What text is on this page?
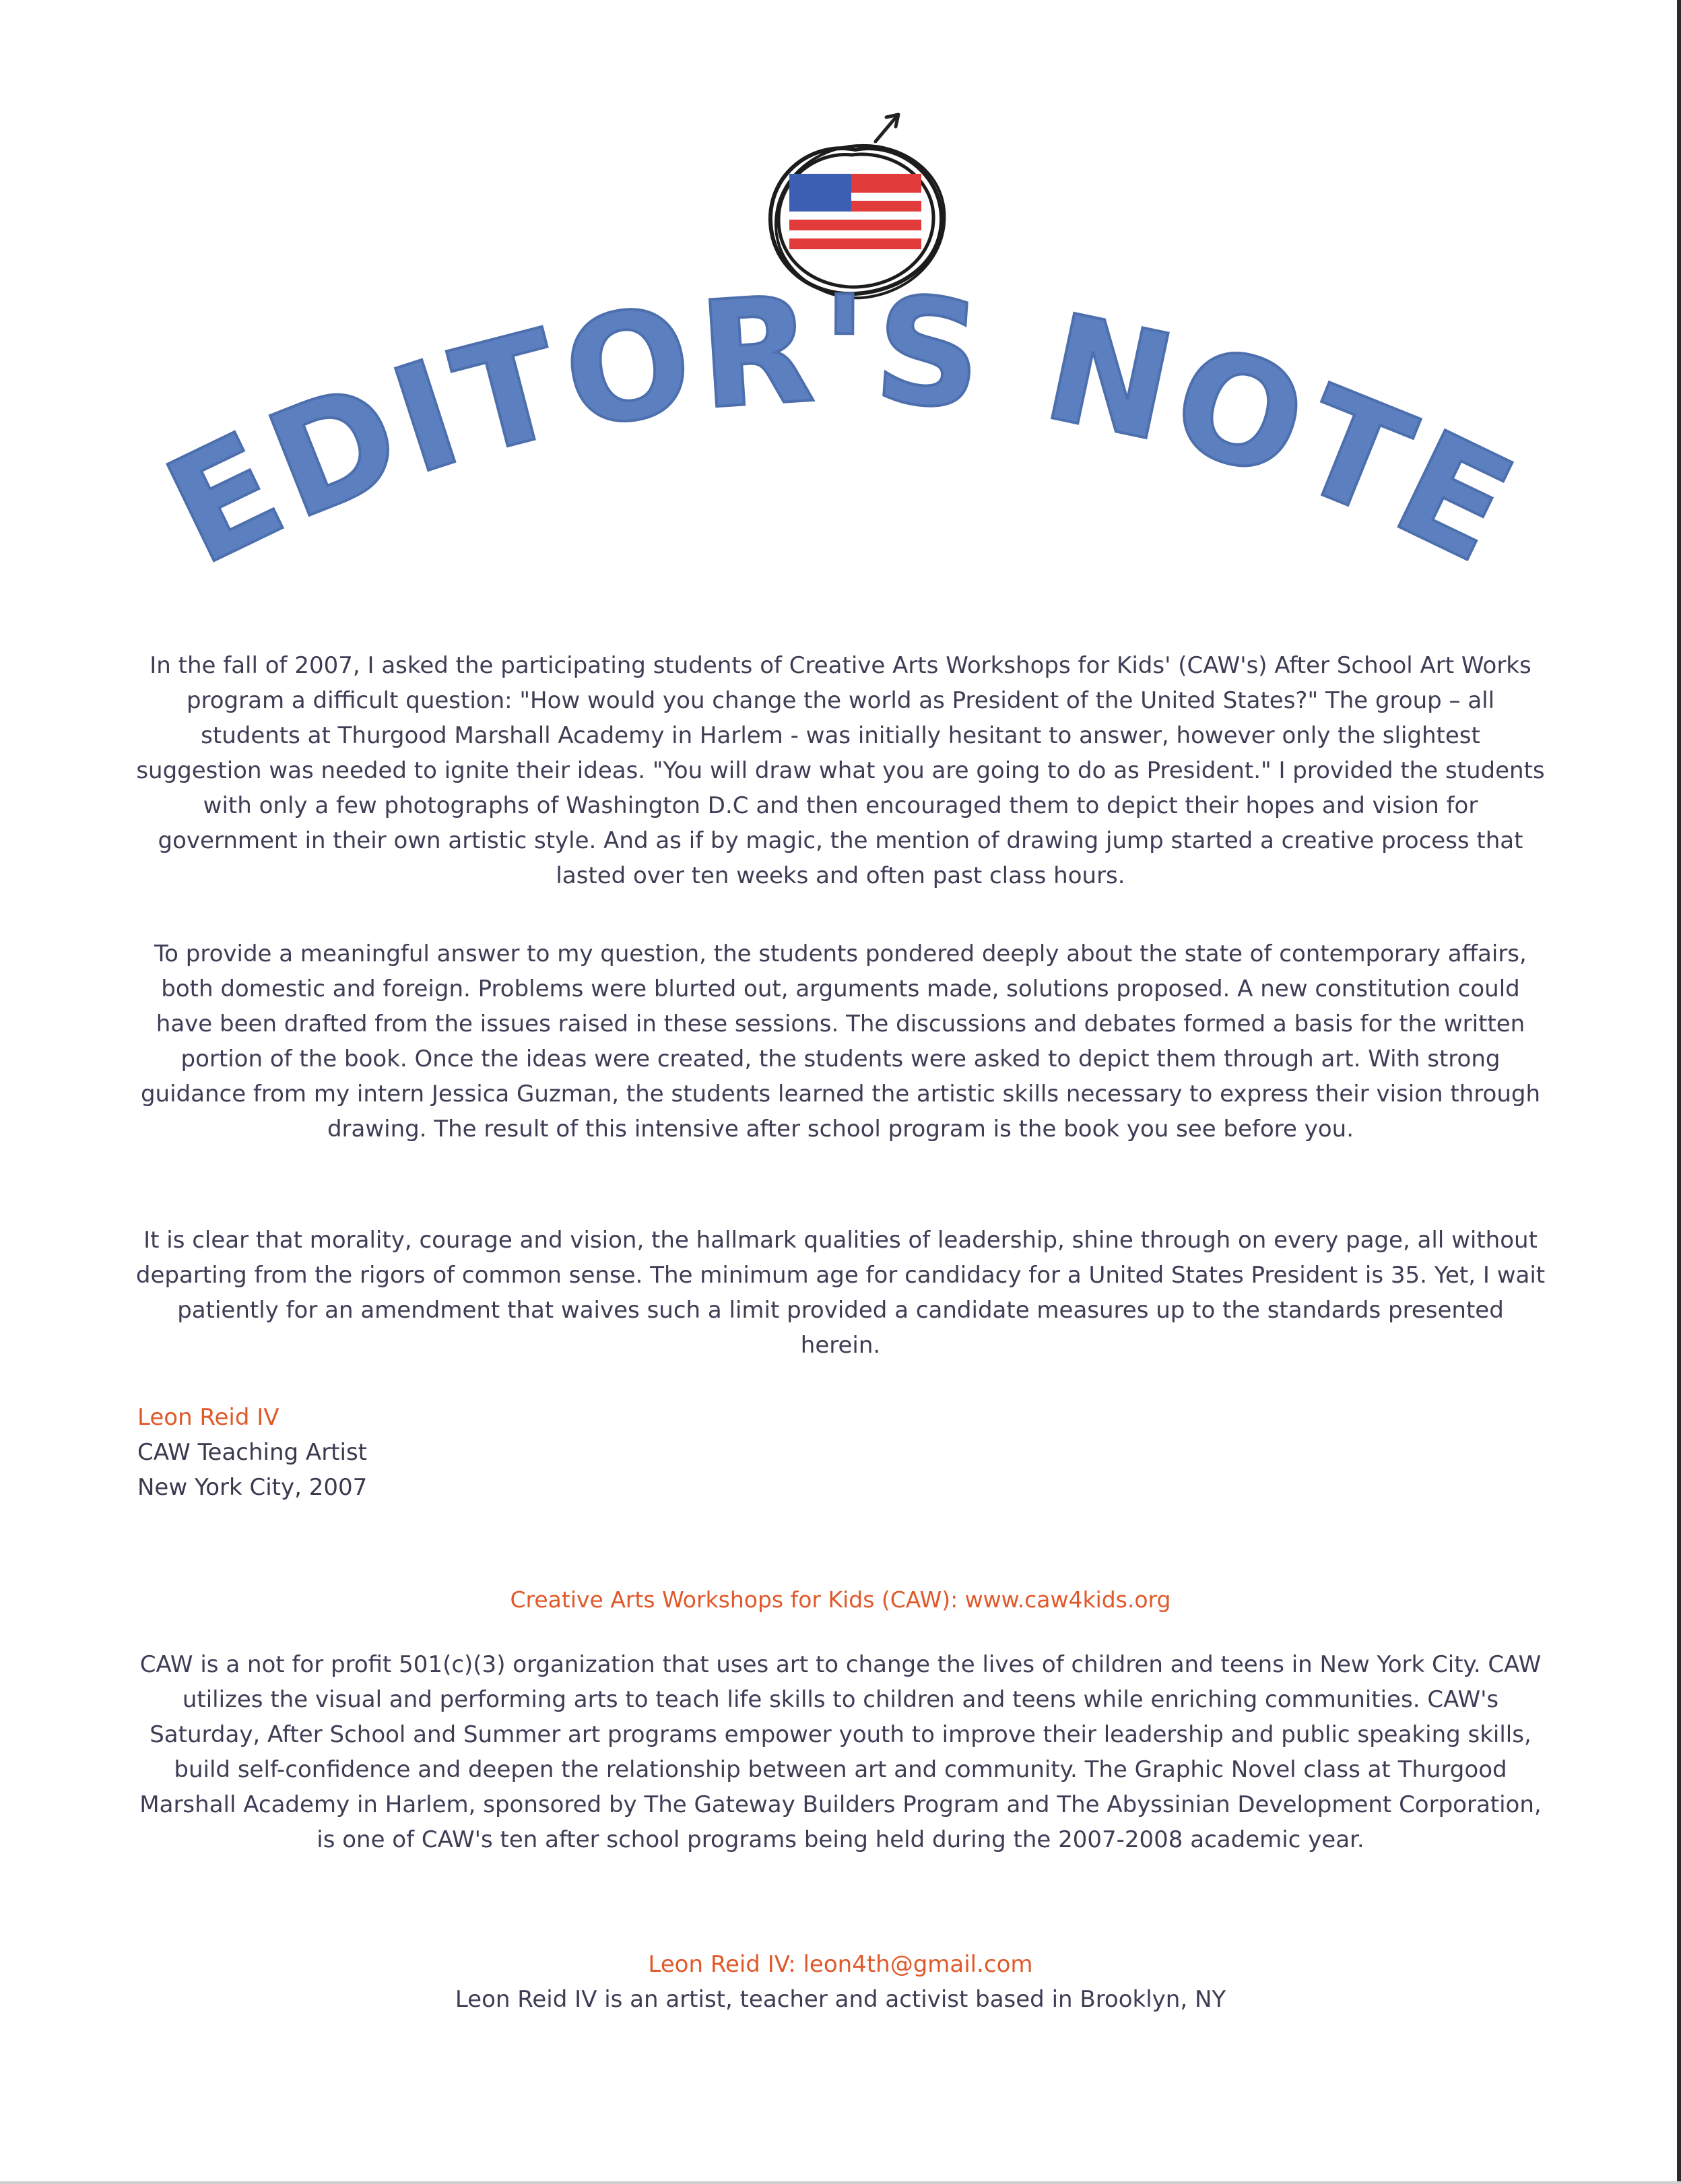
EDITOR'S NOTE

In the fall of 2007, I asked the participating students of Creative Arts Workshops for Kids' (CAW's) After School Art Works program a difficult question: "How would you change the world as President of the United States?" The group – all students at Thurgood Marshall Academy in Harlem - was initially hesitant to answer, however only the slightest suggestion was needed to ignite their ideas. "You will draw what you are going to do as President." I provided the students with only a few photographs of Washington D.C and then encouraged them to depict their hopes and vision for government in their own artistic style. And as if by magic, the mention of drawing jump started a creative process that lasted over ten weeks and often past class hours.

To provide a meaningful answer to my question, the students pondered deeply about the state of contemporary affairs, both domestic and foreign. Problems were blurted out, arguments made, solutions proposed. A new constitution could have been drafted from the issues raised in these sessions. The discussions and debates formed a basis for the written portion of the book. Once the ideas were created, the students were asked to depict them through art. With strong guidance from my intern Jessica Guzman, the students learned the artistic skills necessary to express their vision through drawing. The result of this intensive after school program is the book you see before you.

It is clear that morality, courage and vision, the hallmark qualities of leadership, shine through on every page, all without departing from the rigors of common sense. The minimum age for candidacy for a United States President is 35. Yet, I wait patiently for an amendment that waives such a limit provided a candidate measures up to the standards presented herein.

Leon Reid IV
CAW Teaching Artist
New York City, 2007
Creative Arts Workshops for Kids (CAW): www.caw4kids.org

CAW is a not for profit 501(c)(3) organization that uses art to change the lives of children and teens in New York City. CAW utilizes the visual and performing arts to teach life skills to children and teens while enriching communities. CAW's Saturday, After School and Summer art programs empower youth to improve their leadership and public speaking skills, build self-confidence and deepen the relationship between art and community. The Graphic Novel class at Thurgood Marshall Academy in Harlem, sponsored by The Gateway Builders Program and The Abyssinian Development Corporation, is one of CAW's ten after school programs being held during the 2007-2008 academic year.

Leon Reid IV: leon4th@gmail.com
Leon Reid IV is an artist, teacher and activist based in Brooklyn, NY
